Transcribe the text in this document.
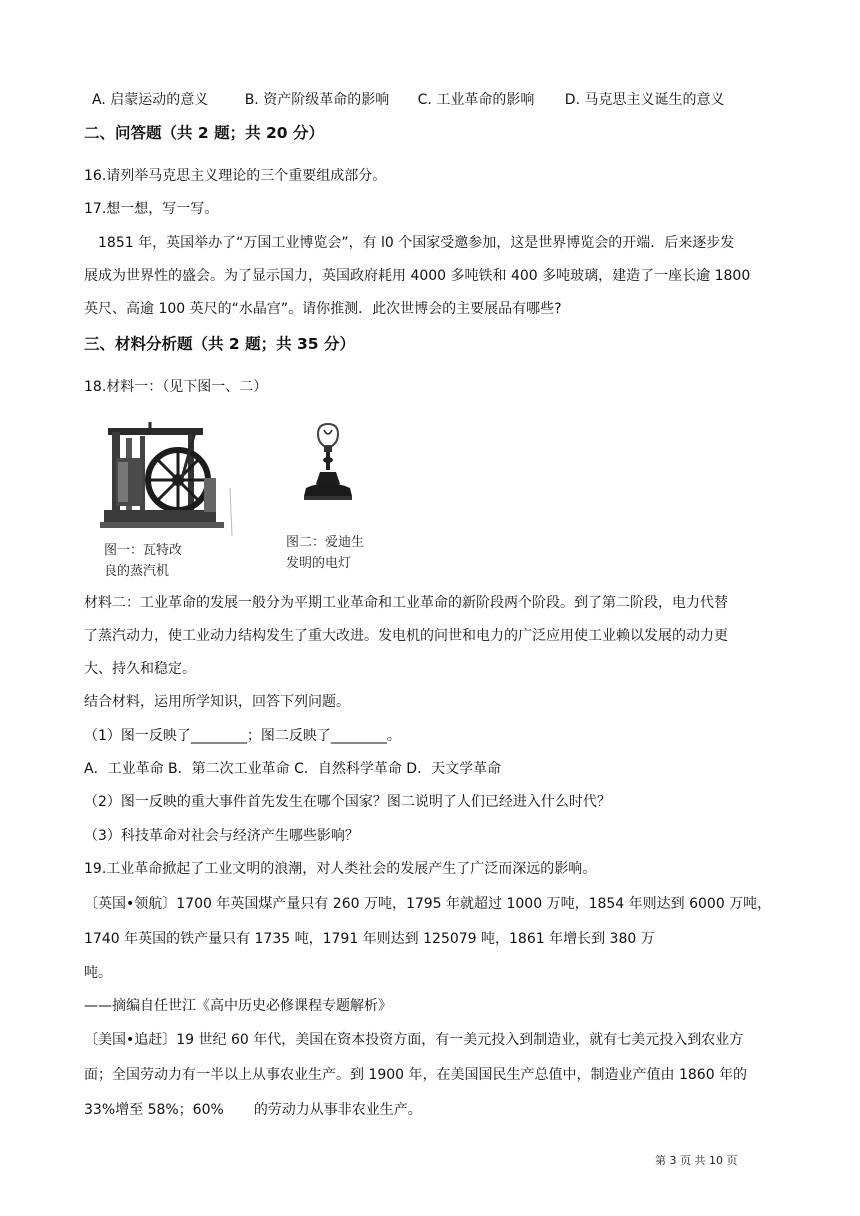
A. 启蒙运动的意义	B. 资产阶级革命的影响 C. 工业革命的影响 D. 马克思主义诞生的意义
二、问答题（共 2 题；共 20 分）
16.请列举马克思主义理论的三个重要组成部分。
17.想一想，写一写。
1851 年，英国举办了“万国工业博览会”，有 l0 个国家受邀参加，这是世界博览会的开端．后来逐步发
展成为世界性的盛会。为了显示国力，英国政府耗用 4000 多吨铁和 400 多吨玻璃，建造了一座长逾 1800
英尺、高逾 100 英尺的“水晶宫”。请你推测．此次世博会的主要展品有哪些?
三、材料分析题（共 2 题；共 35 分）
18.材料一：（见下图一、二）
图一：瓦特改
良的蒸汽机
图二：爱迪生
发明的电灯
材料二：工业革命的发展一般分为平期工业革命和工业革命的新阶段两个阶段。到了第二阶段，电力代替
了蒸汽动力，使工业动力结构发生了重大改进。发电机的问世和电力的广泛应用使工业赖以发展的动力更
大、持久和稳定。
结合材料，运用所学知识，回答下列问题。
（1）图一反映了________；图二反映了________。
A．工业革命 B．第二次工业革命 C．自然科学革命 D．天文学革命
（2）图一反映的重大事件首先发生在哪个国家？图二说明了人们已经进入什么时代？
（3）科技革命对社会与经济产生哪些影响？
19.工业革命掀起了工业文明的浪潮，对人类社会的发展产生了广泛而深远的影响。
〔英国•领航〕1700 年英国煤产量只有 260 万吨，1795 年就超过 1000 万吨，1854 年则达到 6000 万吨，
1740 年英国的铁产量只有 1735 吨，1791 年则达到 125079 吨，1861 年增长到 380 万
吨。
——摘编自任世江《高中历史必修课程专题解析》
〔美国•追赶〕19 世纪 60 年代，美国在资本投资方面，有一美元投入到制造业，就有七美元投入到农业方
面；全国劳动力有一半以上从事农业生产。到 1900 年，在美国国民生产总值中，制造业产值由 1860 年的
33%增至 58%；60% 的劳动力从事非农业生产。
第 3 页 共 10 页
